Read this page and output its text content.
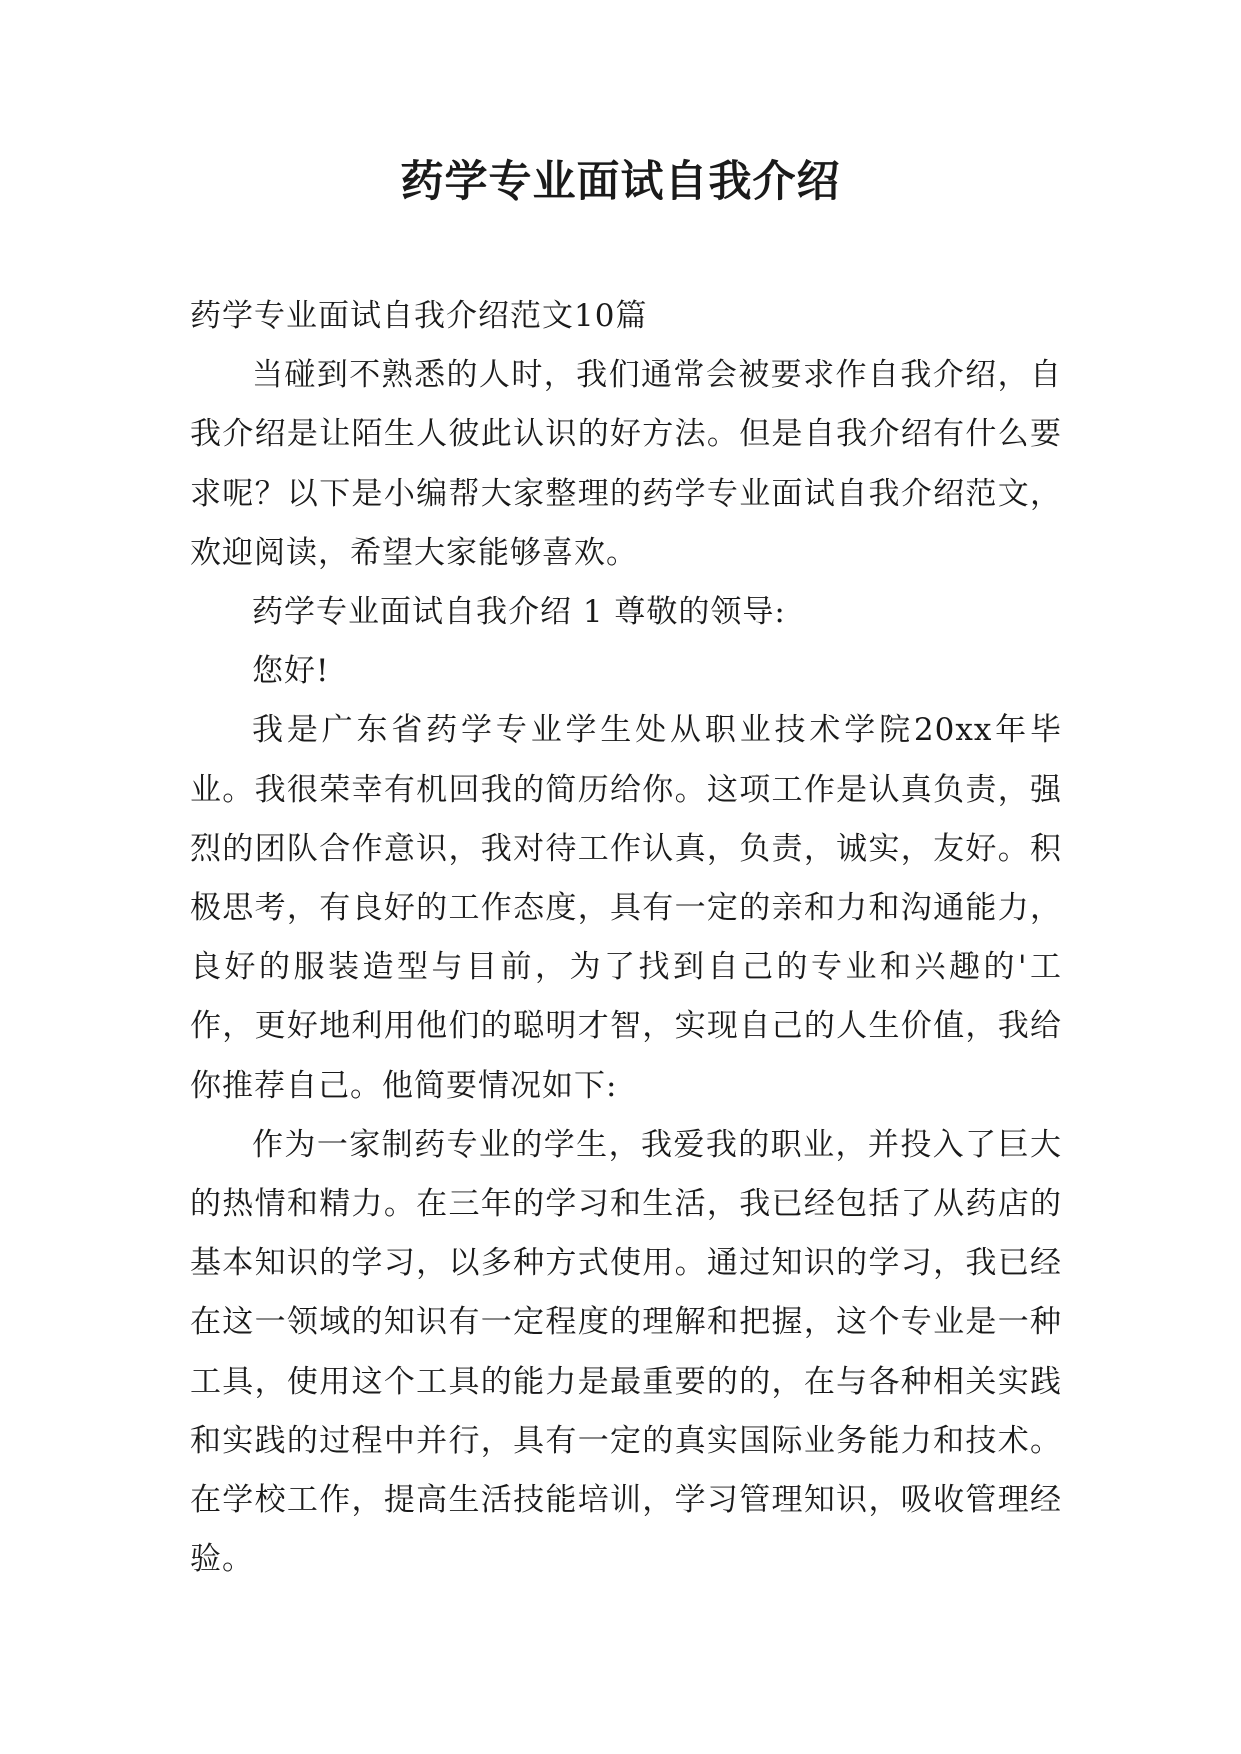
药学专业面试自我介绍

药学专业面试自我介绍范文10篇

当碰到不熟悉的人时，我们通常会被要求作自我介绍，自我介绍是让陌生人彼此认识的好方法。但是自我介绍有什么要求呢？以下是小编帮大家整理的药学专业面试自我介绍范文，欢迎阅读，希望大家能够喜欢。

药学专业面试自我介绍 1 尊敬的领导:

您好!

我是广东省药学专业学生处从职业技术学院20xx年毕业。我很荣幸有机回我的简历给你。这项工作是认真负责，强烈的团队合作意识，我对待工作认真，负责，诚实，友好。积极思考，有良好的工作态度，具有一定的亲和力和沟通能力，良好的服装造型与目前，为了找到自己的专业和兴趣的'工作，更好地利用他们的聪明才智，实现自己的人生价值，我给你推荐自己。他简要情况如下:

作为一家制药专业的学生，我爱我的职业，并投入了巨大的热情和精力。在三年的学习和生活，我已经包括了从药店的基本知识的学习，以多种方式使用。通过知识的学习，我已经在这一领域的知识有一定程度的理解和把握，这个专业是一种工具，使用这个工具的能力是最重要的的，在与各种相关实践和实践的过程中并行，具有一定的真实国际业务能力和技术。在学校工作，提高生活技能培训，学习管理知识，吸收管理经验。
